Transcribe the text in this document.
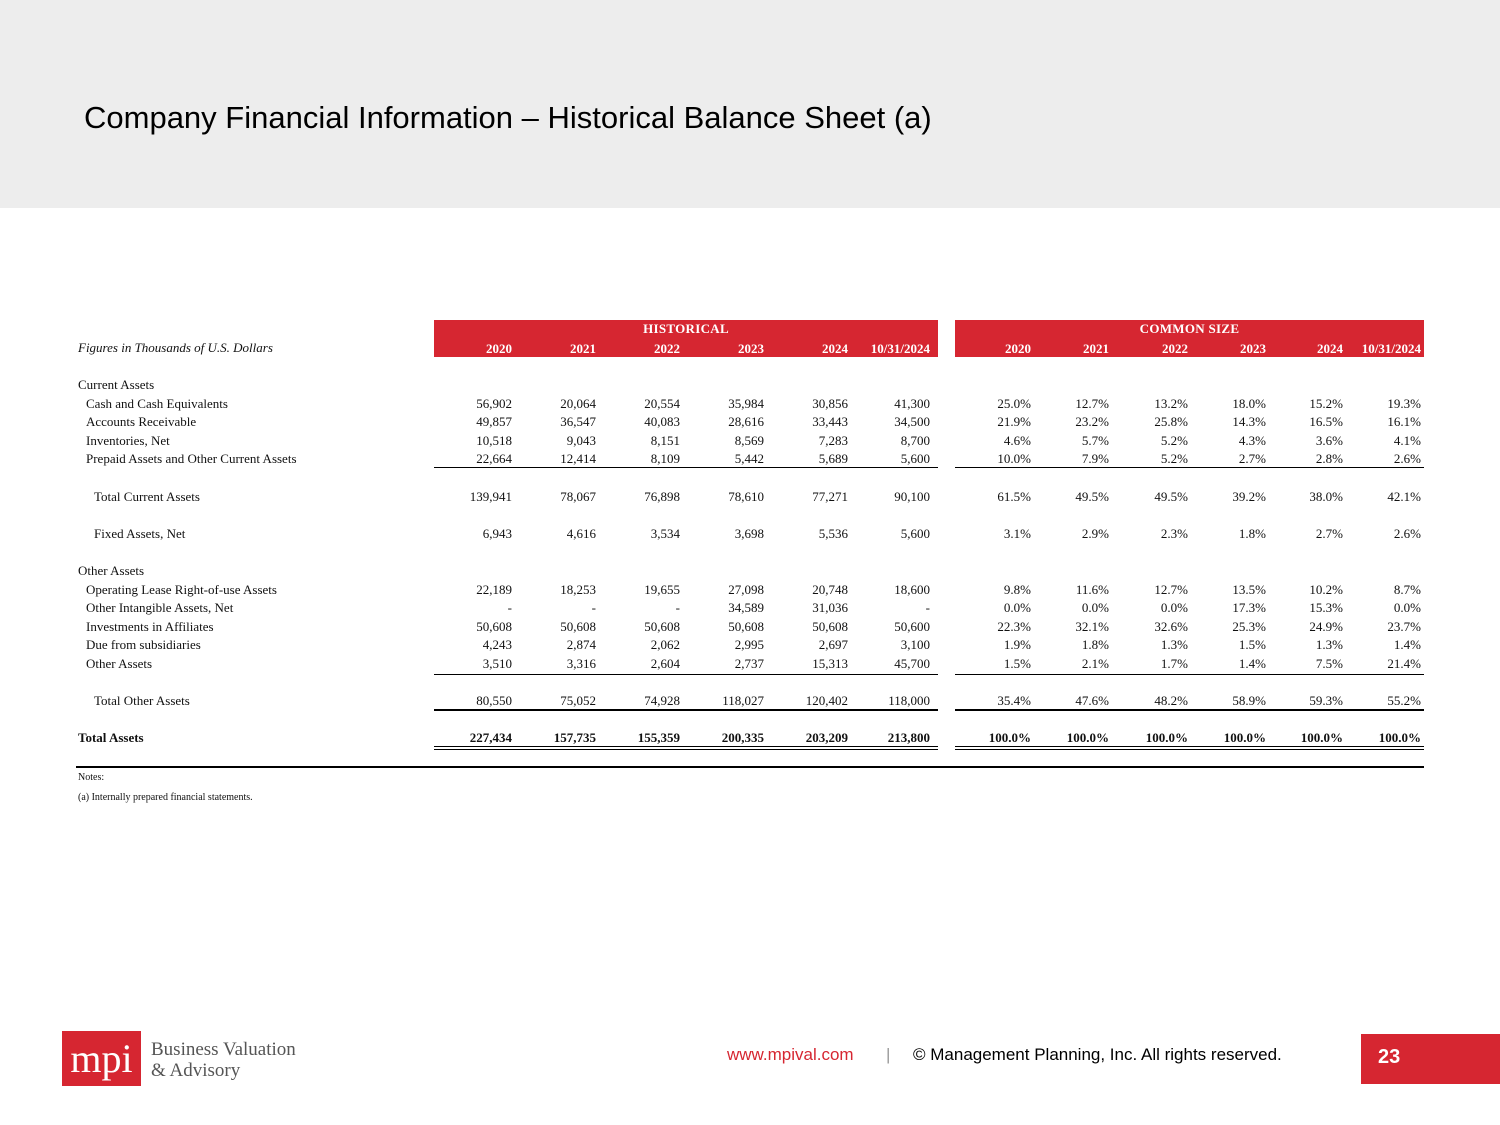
Company Financial Information – Historical Balance Sheet (a)
HISTORICAL
2020	2021	2022	2023	2024	10/31/2024
COMMON SIZE
2020	2021	2022	2023	2024	10/31/2024
Figures in Thousands of U.S. Dollars
Current Assets
Cash and Cash Equivalents	56,902	20,064	20,554	35,984	30,856	41,300	25.0%	12.7%	13.2%	18.0%	15.2%	19.3%
Accounts Receivable	49,857	36,547	40,083	28,616	33,443	34,500	21.9%	23.2%	25.8%	14.3%	16.5%	16.1%
Inventories, Net	10,518	9,043	8,151	8,569	7,283	8,700	4.6%	5.7%	5.2%	4.3%	3.6%	4.1%
Prepaid Assets and Other Current Assets	22,664	12,414	8,109	5,442	5,689	5,600	10.0%	7.9%	5.2%	2.7%	2.8%	2.6%
Total Current Assets	139,941	78,067	76,898	78,610	77,271	90,100	61.5%	49.5%	49.5%	39.2%	38.0%	42.1%
Fixed Assets, Net	6,943	4,616	3,534	3,698	5,536	5,600	3.1%	2.9%	2.3%	1.8%	2.7%	2.6%
Other Assets
Operating Lease Right-of-use Assets	22,189	18,253	19,655	27,098	20,748	18,600	9.8%	11.6%	12.7%	13.5%	10.2%	8.7%
Other Intangible Assets, Net	-	-	-	34,589	31,036	-	0.0%	0.0%	0.0%	17.3%	15.3%	0.0%
Investments in Affiliates	50,608	50,608	50,608	50,608	50,608	50,600	22.3%	32.1%	32.6%	25.3%	24.9%	23.7%
Due from subsidiaries	4,243	2,874	2,062	2,995	2,697	3,100	1.9%	1.8%	1.3%	1.5%	1.3%	1.4%
Other Assets	3,510	3,316	2,604	2,737	15,313	45,700	1.5%	2.1%	1.7%	1.4%	7.5%	21.4%
Total Other Assets	80,550	75,052	74,928	118,027	120,402	118,000	35.4%	47.6%	48.2%	58.9%	59.3%	55.2%
Total Assets	227,434	157,735	155,359	200,335	203,209	213,800	100.0%	100.0%	100.0%	100.0%	100.0%	100.0%
Notes:
(a) Internally prepared financial statements.
mpi Business Valuation
& Advisory
www.mpival.com | © Management Planning, Inc. All rights reserved.	23
